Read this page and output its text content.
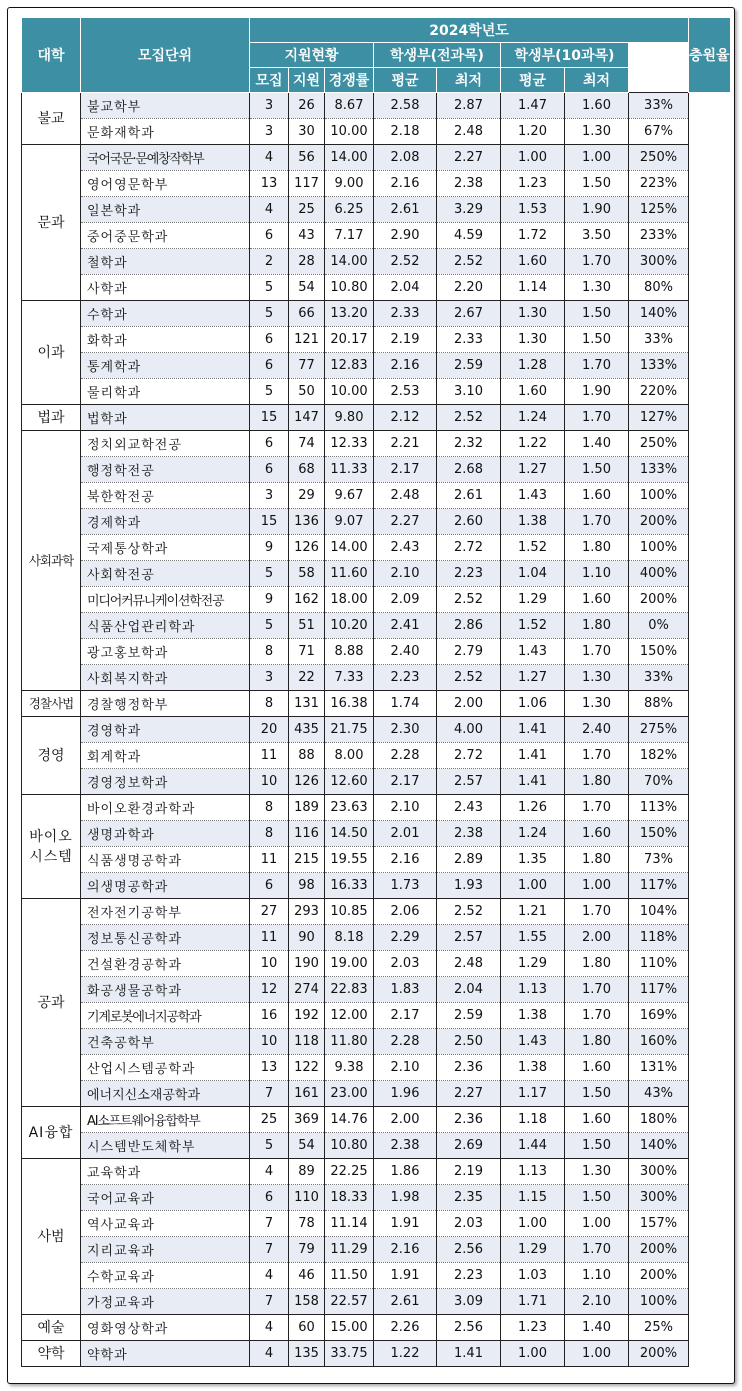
대학	모집단위	2024학년도								충원율
		지원현황			학생부(전과목)		학생부(10과목)			
		모집	지원	경쟁률	평균	최저	평균	최저		
불교	불교학부	3	26	8.67	2.58	2.87	1.47	1.60	33%	
	문화재학과	3	30	10.00	2.18	2.48	1.20	1.30	67%	
문과	국어국문·문예창작학부	4	56	14.00	2.08	2.27	1.00	1.00	250%	
	영어영문학부	13	117	9.00	2.16	2.38	1.23	1.50	223%	
	일본학과	4	25	6.25	2.61	3.29	1.53	1.90	125%	
	중어중문학과	6	43	7.17	2.90	4.59	1.72	3.50	233%	
	철학과	2	28	14.00	2.52	2.52	1.60	1.70	300%	
	사학과	5	54	10.80	2.04	2.20	1.14	1.30	80%	
이과	수학과	5	66	13.20	2.33	2.67	1.30	1.50	140%	
	화학과	6	121	20.17	2.19	2.33	1.30	1.50	33%	
	통계학과	6	77	12.83	2.16	2.59	1.28	1.70	133%	
	물리학과	5	50	10.00	2.53	3.10	1.60	1.90	220%	
법과	법학과	15	147	9.80	2.12	2.52	1.24	1.70	127%	
사회과학	정치외교학전공	6	74	12.33	2.21	2.32	1.22	1.40	250%	
	행정학전공	6	68	11.33	2.17	2.68	1.27	1.50	133%	
	북한학전공	3	29	9.67	2.48	2.61	1.43	1.60	100%	
	경제학과	15	136	9.07	2.27	2.60	1.38	1.70	200%	
	국제통상학과	9	126	14.00	2.43	2.72	1.52	1.80	100%	
	사회학전공	5	58	11.60	2.10	2.23	1.04	1.10	400%	
	미디어커뮤니케이션학전공	9	162	18.00	2.09	2.52	1.29	1.60	200%	
	식품산업관리학과	5	51	10.20	2.41	2.86	1.52	1.80	0%	
	광고홍보학과	8	71	8.88	2.40	2.79	1.43	1.70	150%	
	사회복지학과	3	22	7.33	2.23	2.52	1.27	1.30	33%	
경찰사법	경찰행정학부	8	131	16.38	1.74	2.00	1.06	1.30	88%	
경영	경영학과	20	435	21.75	2.30	4.00	1.41	2.40	275%	
	회계학과	11	88	8.00	2.28	2.72	1.41	1.70	182%	
	경영정보학과	10	126	12.60	2.17	2.57	1.41	1.80	70%	
바이오시스템	바이오환경과학과	8	189	23.63	2.10	2.43	1.26	1.70	113%	
	생명과학과	8	116	14.50	2.01	2.38	1.24	1.60	150%	
	식품생명공학과	11	215	19.55	2.16	2.89	1.35	1.80	73%	
	의생명공학과	6	98	16.33	1.73	1.93	1.00	1.00	117%	
공과	전자전기공학부	27	293	10.85	2.06	2.52	1.21	1.70	104%	
	정보통신공학과	11	90	8.18	2.29	2.57	1.55	2.00	118%	
	건설환경공학과	10	190	19.00	2.03	2.48	1.29	1.80	110%	
	화공생물공학과	12	274	22.83	1.83	2.04	1.13	1.70	117%	
	기계로봇에너지공학과	16	192	12.00	2.17	2.59	1.38	1.70	169%	
	건축공학부	10	118	11.80	2.28	2.50	1.43	1.80	160%	
	산업시스템공학과	13	122	9.38	2.10	2.36	1.38	1.60	131%	
	에너지신소재공학과	7	161	23.00	1.96	2.27	1.17	1.50	43%	
AI융합	AI소프트웨어융합학부	25	369	14.76	2.00	2.36	1.18	1.60	180%	
	시스템반도체학부	5	54	10.80	2.38	2.69	1.44	1.50	140%	
사범	교육학과	4	89	22.25	1.86	2.19	1.13	1.30	300%	
	국어교육과	6	110	18.33	1.98	2.35	1.15	1.50	300%	
	역사교육과	7	78	11.14	1.91	2.03	1.00	1.00	157%	
	지리교육과	7	79	11.29	2.16	2.56	1.29	1.70	200%	
	수학교육과	4	46	11.50	1.91	2.23	1.03	1.10	200%	
	가정교육과	7	158	22.57	2.61	3.09	1.71	2.10	100%	
예술	영화영상학과	4	60	15.00	2.26	2.56	1.23	1.40	25%	
약학	약학과	4	135	33.75	1.22	1.41	1.00	1.00	200%	
